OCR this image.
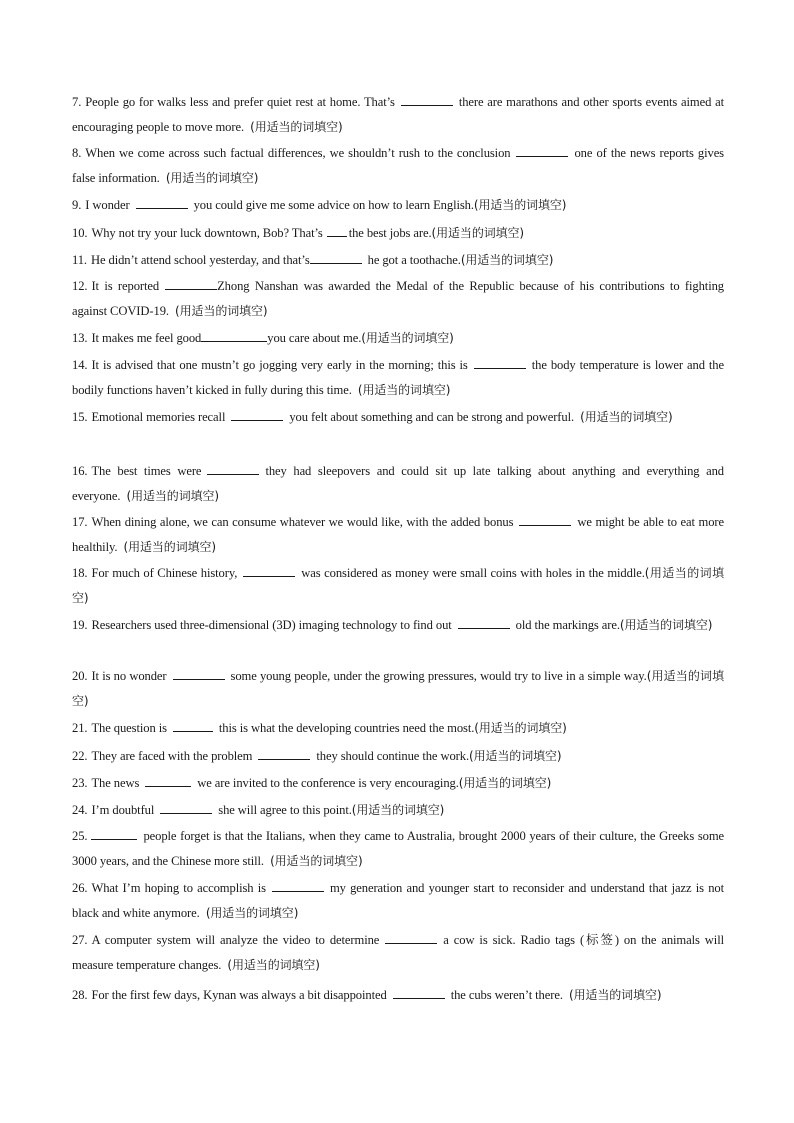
7. People go for walks less and prefer quiet rest at home. That’s	there are marathons and other sports events aimed at encouraging people to move more. (用适当的词填空)
8. When we come across such factual differences, we shouldn’t rush to the conclusion	one of the news reports gives false information. (用适当的词填空)
9. I wonder	you could give me some advice on how to learn English.(用适当的词填空)
10. Why not try your luck downtown, Bob? That’s the best jobs are.(用适当的词填空)
11. He didn’t attend school yesterday, and that’s	he got a toothache.(用适当的词填空)
12. It is reported	Zhong Nanshan was awarded the Medal of the Republic because of his contributions to fighting against COVID-19. (用适当的词填空)
13. It makes me feel good	you care about me.(用适当的词填空)
14. It is advised that one mustn’t go jogging very early in the morning; this is	the body temperature is lower and the bodily functions haven’t kicked in fully during this time. (用适当的词填空)
15. Emotional memories recall	you felt about something and can be strong and powerful. (用适当的词填空)
16. The best times were	they had sleepovers and could sit up late talking about anything and everything and everyone. (用适当的词填空)
17. When dining alone, we can consume whatever we would like, with the added bonus	we might be able to eat more healthily. (用适当的词填空)
18. For much of Chinese history,	was considered as money were small coins with holes in the middle.(用适当的词填空)
19. Researchers used three-dimensional (3D) imaging technology to find out	old the markings are.(用适当的词填空)
20. It is no wonder	some young people, under the growing pressures, would try to live in a simple way.(用适当的词填空)
21. The question is	this is what the developing countries need the most.(用适当的词填空)
22. They are faced with the problem	they should continue the work.(用适当的词填空)
23. The news	we are invited to the conference is very encouraging.(用适当的词填空)
24. I’m doubtful	she will agree to this point.(用适当的词填空)
25.	people forget is that the Italians, when they came to Australia, brought 2000 years of their culture, the Greeks some 3000 years, and the Chinese more still. (用适当的词填空)
26. What I’m hoping to accomplish is	my generation and younger start to reconsider and understand that jazz is not black and white anymore. (用适当的词填空)
27. A computer system will analyze the video to determine	a cow is sick. Radio tags (标签) on the animals will measure temperature changes. (用适当的词填空)
28. For the first few days, Kynan was always a bit disappointed	the cubs weren’t there. (用适当的词填空)
